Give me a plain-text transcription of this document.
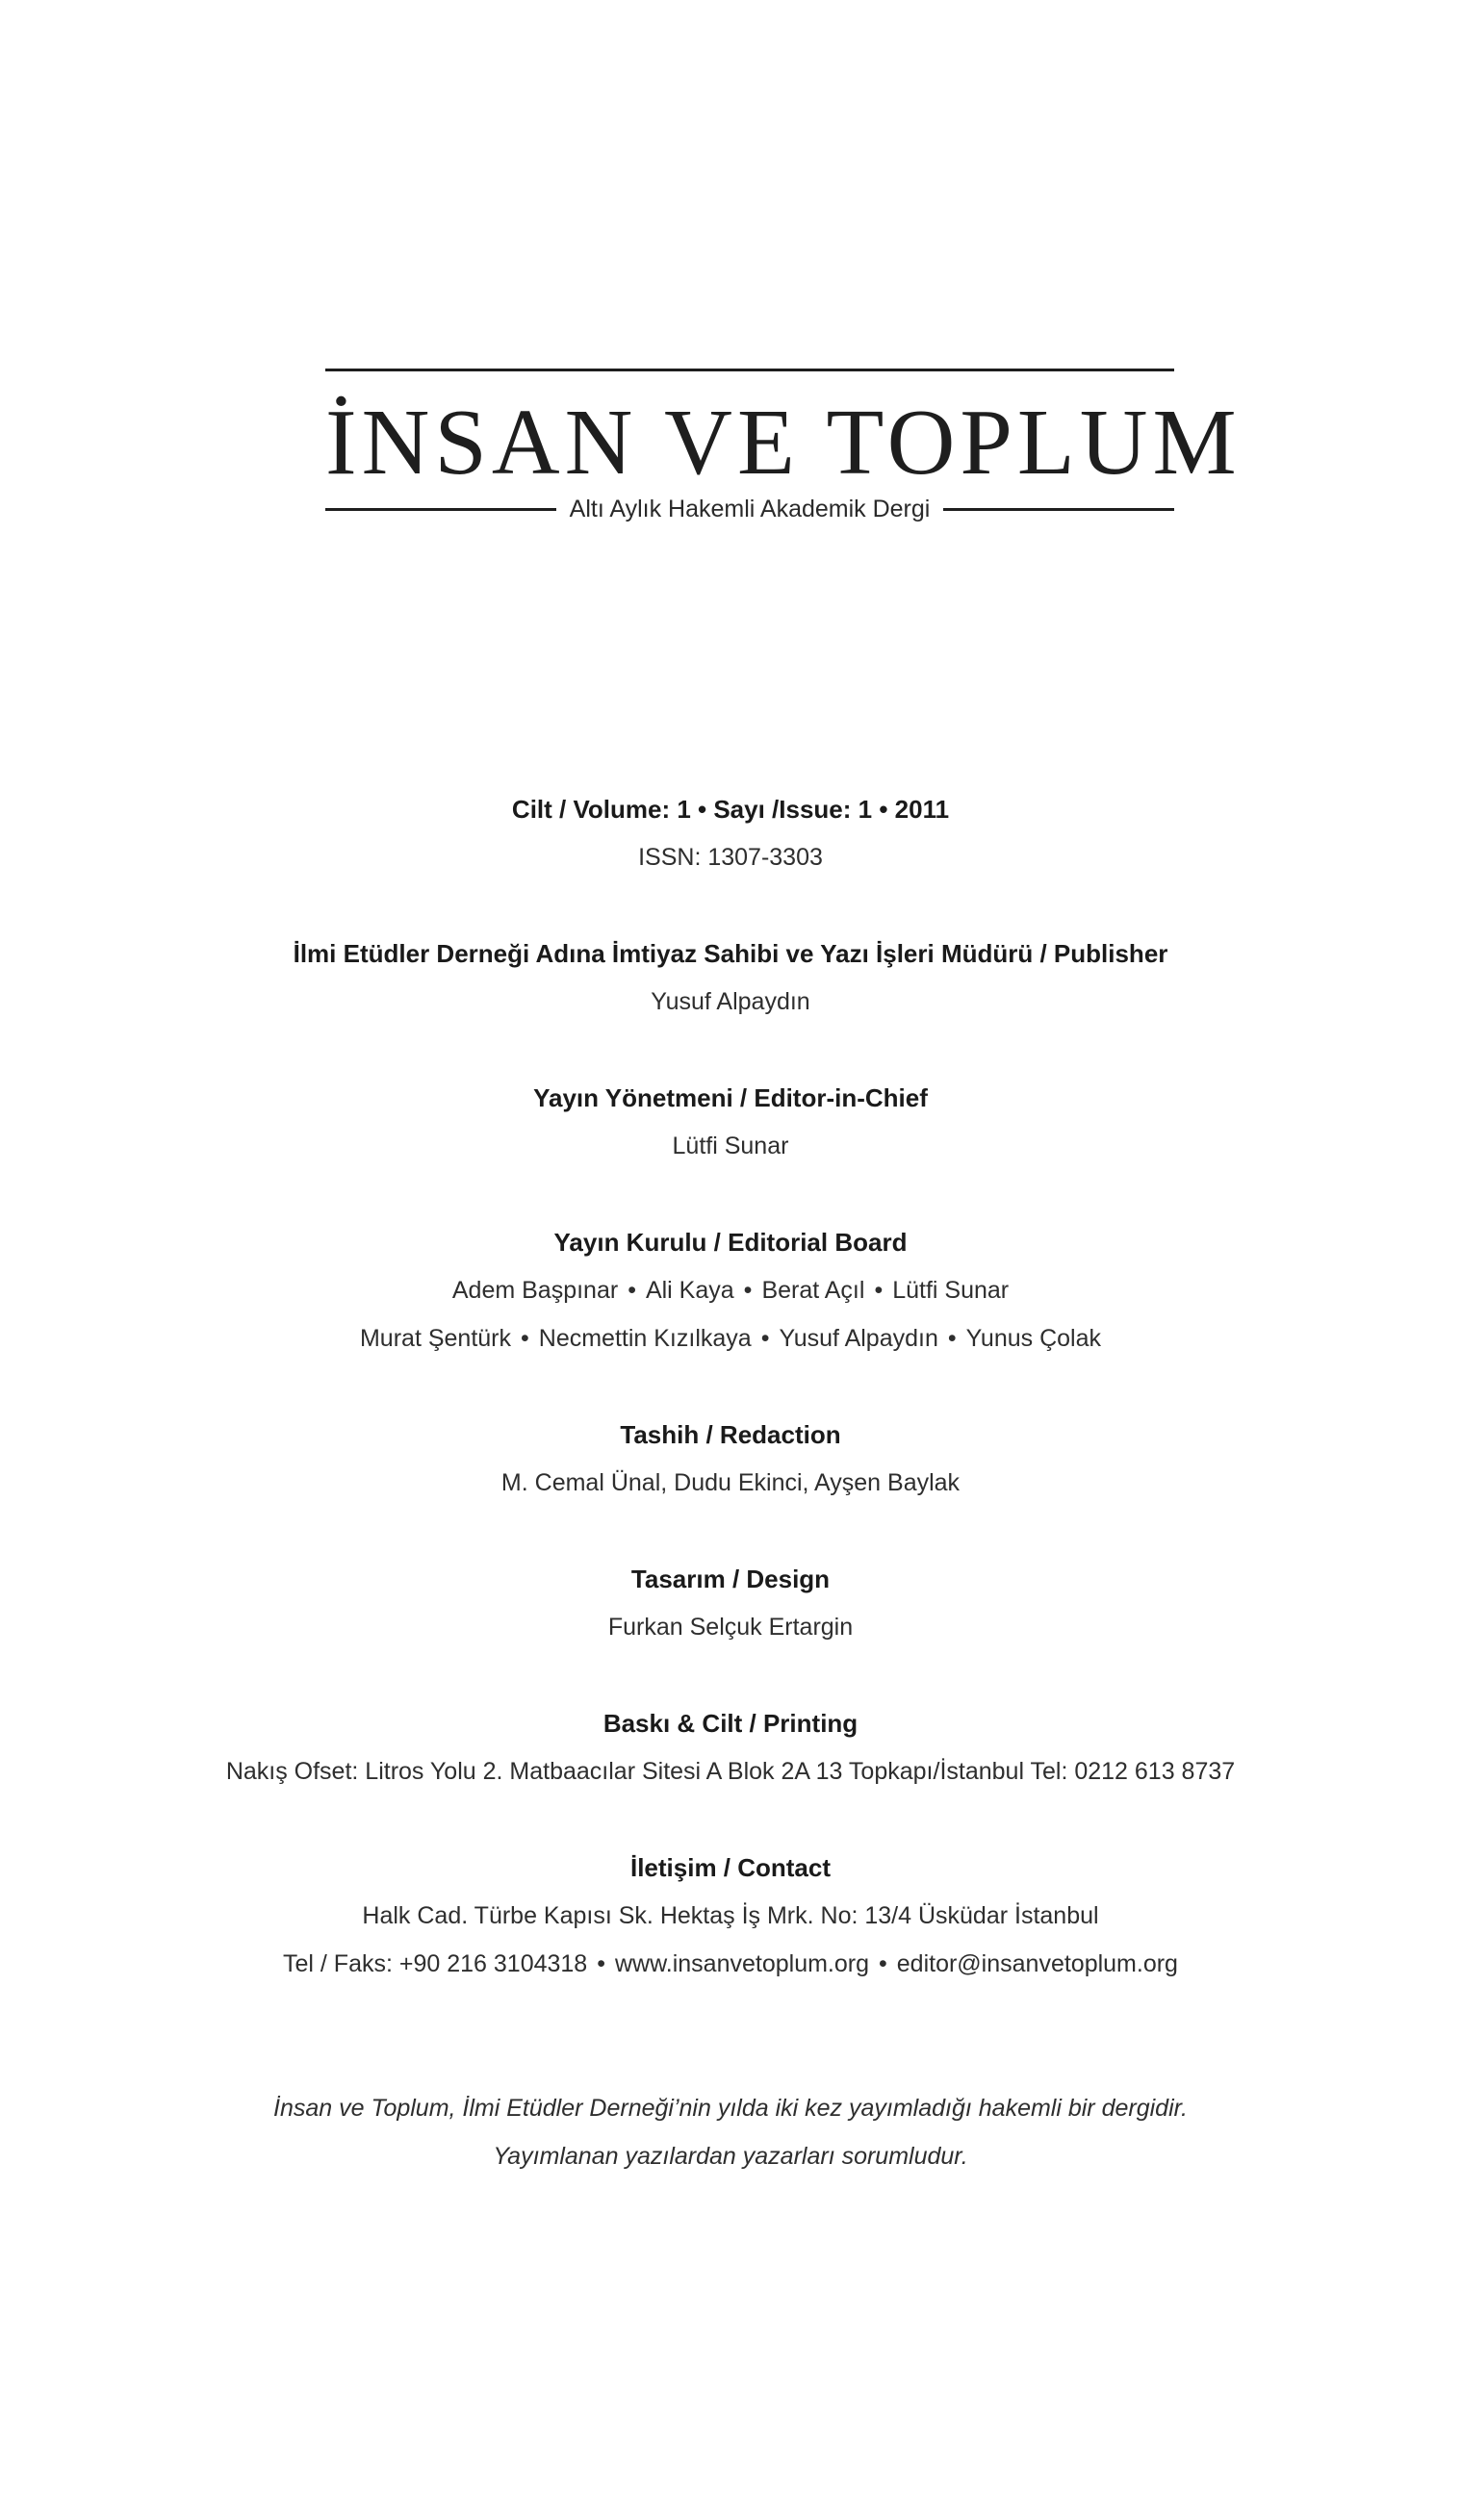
İNSAN VE TOPLUM
Altı Aylık Hakemli Akademik Dergi
Cilt / Volume: 1 • Sayı /Issue: 1 • 2011
ISSN: 1307-3303
İlmi Etüdler Derneği Adına İmtiyaz Sahibi ve Yazı İşleri Müdürü / Publisher
Yusuf Alpaydın
Yayın Yönetmeni / Editor-in-Chief
Lütfi Sunar
Yayın Kurulu / Editorial Board
Adem Başpınar • Ali Kaya • Berat Açıl • Lütfi Sunar
Murat Şentürk • Necmettin Kızılkaya • Yusuf Alpaydın • Yunus Çolak
Tashih / Redaction
M. Cemal Ünal, Dudu Ekinci, Ayşen Baylak
Tasarım / Design
Furkan Selçuk Ertargin
Baskı & Cilt / Printing
Nakış Ofset: Litros Yolu 2. Matbaacılar Sitesi A Blok 2A 13 Topkapı/İstanbul Tel: 0212 613 8737
İletişim / Contact
Halk Cad. Türbe Kapısı Sk. Hektaş İş Mrk. No: 13/4 Üsküdar İstanbul
Tel / Faks: +90 216 3104318 • www.insanvetoplum.org • editor@insanvetoplum.org
İnsan ve Toplum, İlmi Etüdler Derneği’nin yılda iki kez yayımladığı hakemli bir dergidir.
Yayımlanan yazılardan yazarları sorumludur.
